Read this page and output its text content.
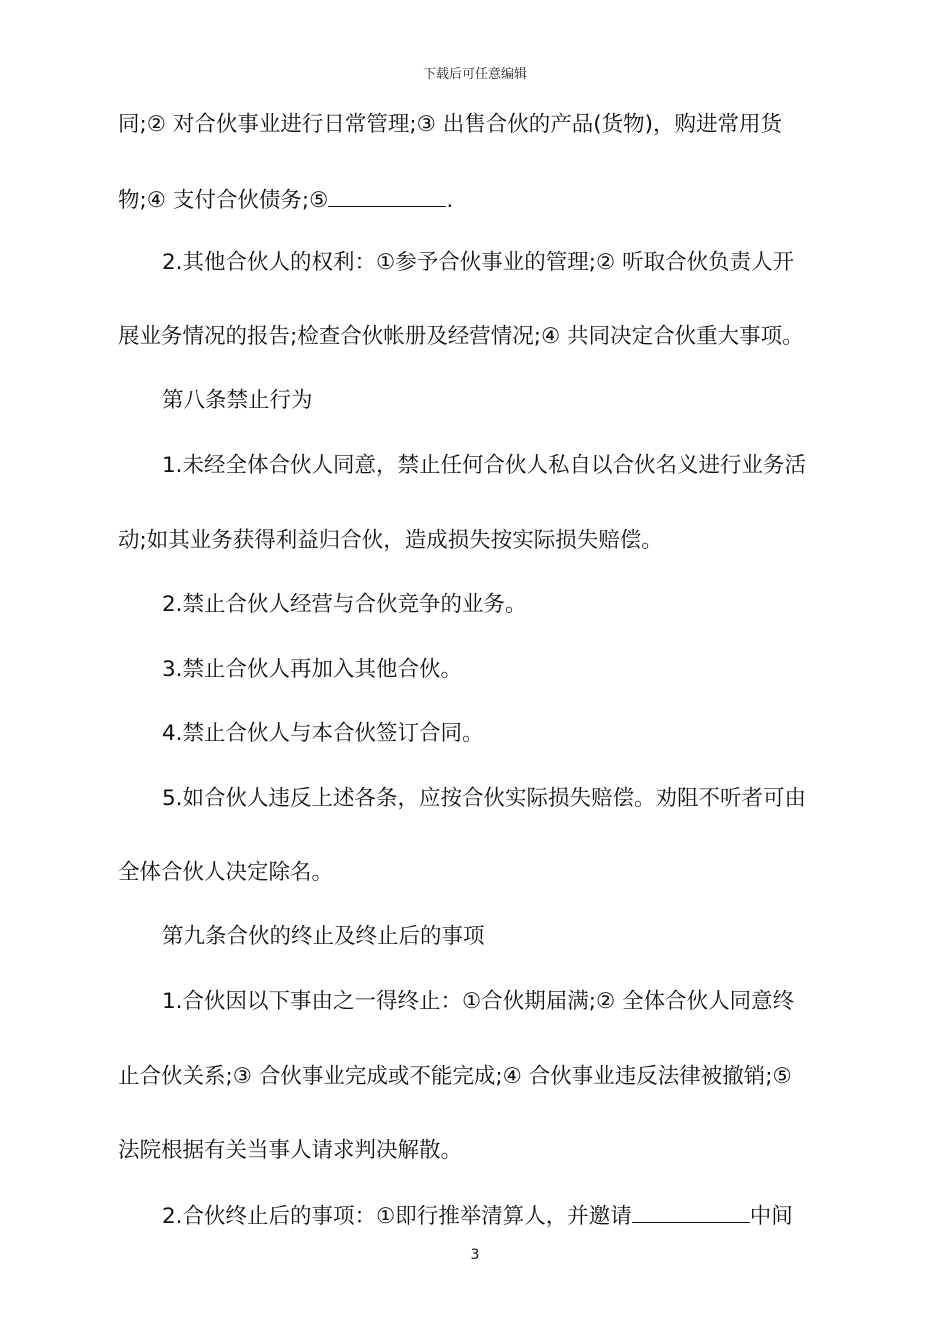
下载后可任意编辑
同;② 对合伙事业进行日常管理;③ 出售合伙的产品(货物)，购进常用货
物;④ 支付合伙债务;⑤	.
2.其他合伙人的权利：①参予合伙事业的管理;② 听取合伙负责人开
展业务情况的报告;检查合伙帐册及经营情况;④ 共同决定合伙重大事项。
第八条禁止行为
1.未经全体合伙人同意，禁止任何合伙人私自以合伙名义进行业务活
动;如其业务获得利益归合伙，造成损失按实际损失赔偿。
2.禁止合伙人经营与合伙竞争的业务。
3.禁止合伙人再加入其他合伙。
4.禁止合伙人与本合伙签订合同。
5.如合伙人违反上述各条，应按合伙实际损失赔偿。劝阻不听者可由
全体合伙人决定除名。
第九条合伙的终止及终止后的事项
1.合伙因以下事由之一得终止：①合伙期届满;② 全体合伙人同意终
止合伙关系;③ 合伙事业完成或不能完成;④ 合伙事业违反法律被撤销;⑤
法院根据有关当事人请求判决解散。
2.合伙终止后的事项：①即行推举清算人，并邀请	中间
3
